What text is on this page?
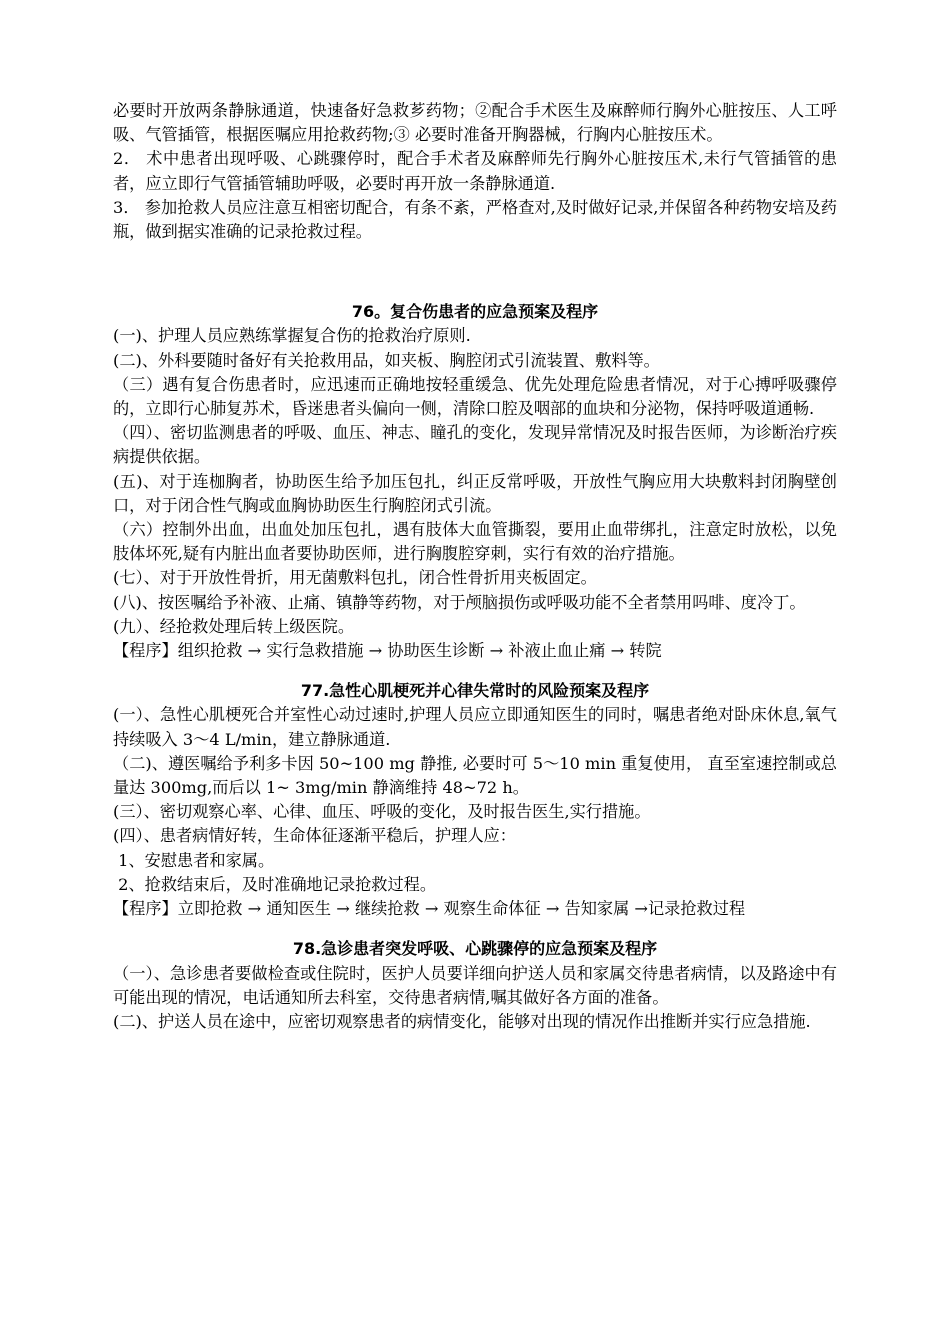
必要时开放两条静脉通道，快速备好急救芗药物；②配合手术医生及麻醉师行胸外心脏按压、人工呼吸、气管插管，根据医嘱应用抢救药物;③ 必要时准备开胸器械，行胸内心脏按压术。

2． 术中患者出现呼吸、心跳骤停时，配合手术者及麻醉师先行胸外心脏按压术,未行气管插管的患者，应立即行气管插管辅助呼吸，必要时再开放一条静脉通道.

3． 参加抢救人员应注意互相密切配合，有条不紊，严格查对,及时做好记录,并保留各种药物安培及药瓶，做到据实准确的记录抢救过程。

76。复合伤患者的应急预案及程序

(一)、护理人员应熟练掌握复合伤的抢救治疗原则.

(二)、外科要随时备好有关抢救用品，如夹板、胸腔闭式引流装置、敷料等。

（三）遇有复合伤患者时，应迅速而正确地按轻重缓急、优先处理危险患者情况，对于心搏呼吸骤停的，立即行心肺复苏术，昏迷患者头偏向一侧，清除口腔及咽部的血块和分泌物，保持呼吸道通畅.

（四）、密切监测患者的呼吸、血压、神志、瞳孔的变化，发现异常情况及时报告医师，为诊断治疗疾病提供依据。

(五)、对于连枷胸者，协助医生给予加压包扎，纠正反常呼吸，开放性气胸应用大块敷料封闭胸壁创口，对于闭合性气胸或血胸协助医生行胸腔闭式引流。

（六）控制外出血，出血处加压包扎，遇有肢体大血管撕裂，要用止血带绑扎，注意定时放松，以免肢体坏死,疑有内脏出血者要协助医师，进行胸腹腔穿刺，实行有效的治疗措施。

(七）、对于开放性骨折，用无菌敷料包扎，闭合性骨折用夹板固定。

(八)、按医嘱给予补液、止痛、镇静等药物，对于颅脑损伤或呼吸功能不全者禁用吗啡、度冷丁。

(九）、经抢救处理后转上级医院。

【程序】组织抢救 → 实行急救措施 → 协助医生诊断 → 补液止血止痛 → 转院

77.急性心肌梗死并心律失常时的风险预案及程序

(一）、急性心肌梗死合并室性心动过速时,护理人员应立即通知医生的同时，嘱患者绝对卧床休息,氧气持续吸入 3～4 L/min，建立静脉通道.

（二)、遵医嘱给予利多卡因 50~100 mg 静推, 必要时可 5～10 min 重复使用， 直至室速控制或总量达 300mg,而后以 1~ 3mg/min 静滴维持 48~72 h。

(三）、密切观察心率、心律、血压、呼吸的变化，及时报告医生,实行措施。

(四）、患者病情好转，生命体征逐渐平稳后，护理人应：

1、安慰患者和家属。

2、抢救结束后，及时准确地记录抢救过程。

【程序】立即抢救 → 通知医生 → 继续抢救 → 观察生命体征 → 告知家属 →记录抢救过程

78.急诊患者突发呼吸、心跳骤停的应急预案及程序

（一）、急诊患者要做检查或住院时，医护人员要详细向护送人员和家属交待患者病情，以及路途中有可能出现的情况，电话通知所去科室，交待患者病情,嘱其做好各方面的准备。

(二)、护送人员在途中，应密切观察患者的病情变化，能够对出现的情况作出推断并实行应急措施.
